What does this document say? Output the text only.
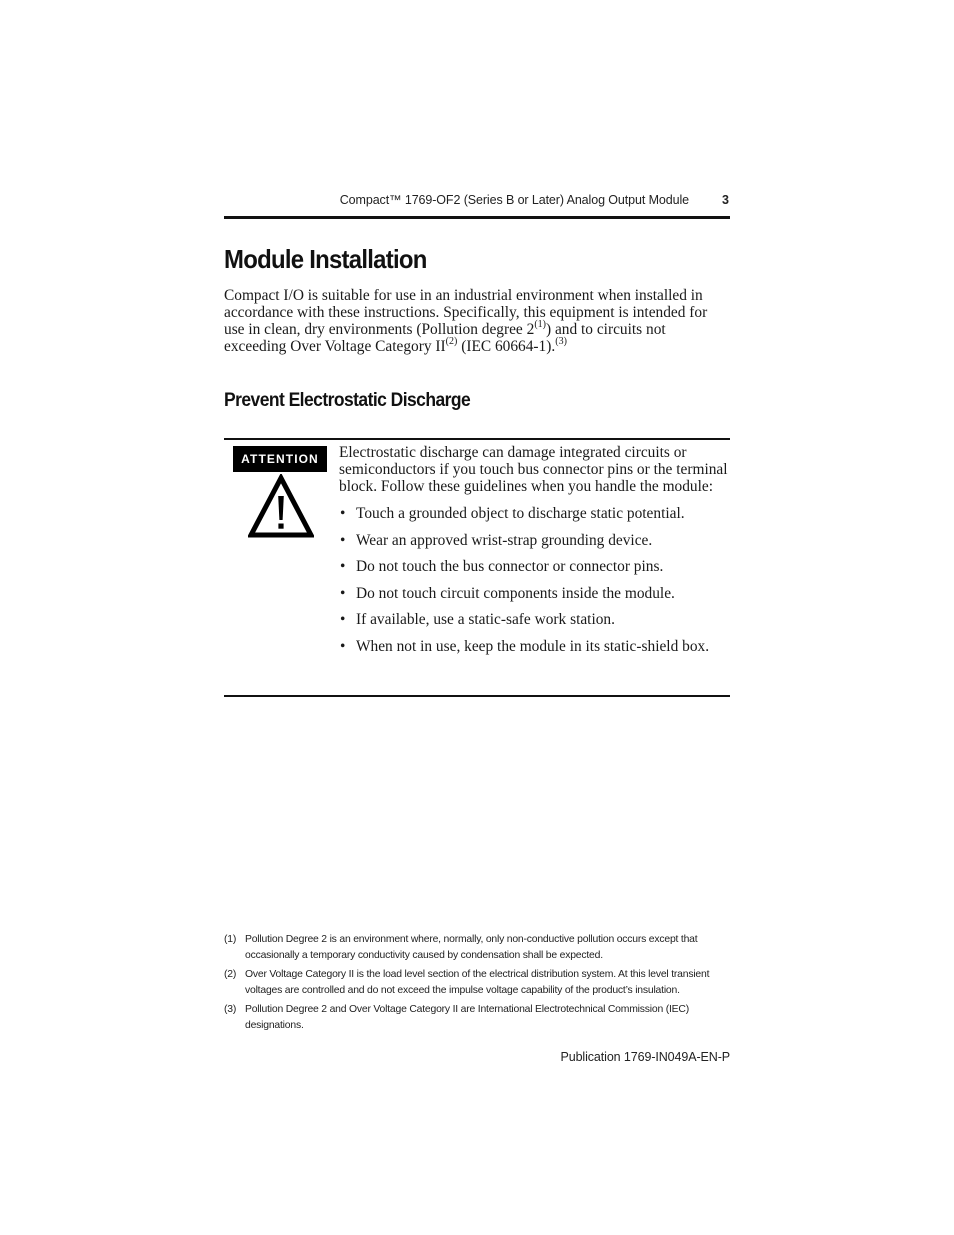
Compact™ 1769-OF2 (Series B or Later) Analog Output Module	3
Module Installation

Compact I/O is suitable for use in an industrial environment when installed in accordance with these instructions. Specifically, this equipment is intended for use in clean, dry environments (Pollution degree 2$^{(1)}$) and to circuits not exceeding Over Voltage Category II$^{(2)}$ (IEC 60664-1).$^{(3)}$

Prevent Electrostatic Discharge
ATTENTION	Electrostatic discharge can damage integrated circuits or semiconductors if you touch bus connector pins or the terminal block. Follow these guidelines when you handle the module:

• Touch a grounded object to discharge static potential.
• Wear an approved wrist-strap grounding device.
• Do not touch the bus connector or connector pins.
• Do not touch circuit components inside the module.
• If available, use a static-safe work station.
• When not in use, keep the module in its static-shield box.
(1) Pollution Degree 2 is an environment where, normally, only non-conductive pollution occurs except that occasionally a temporary conductivity caused by condensation shall be expected.
(2) Over Voltage Category II is the load level section of the electrical distribution system. At this level transient voltages are controlled and do not exceed the impulse voltage capability of the product’s insulation.
(3) Pollution Degree 2 and Over Voltage Category II are International Electrotechnical Commission (IEC) designations.
Publication 1769-IN049A-EN-P
